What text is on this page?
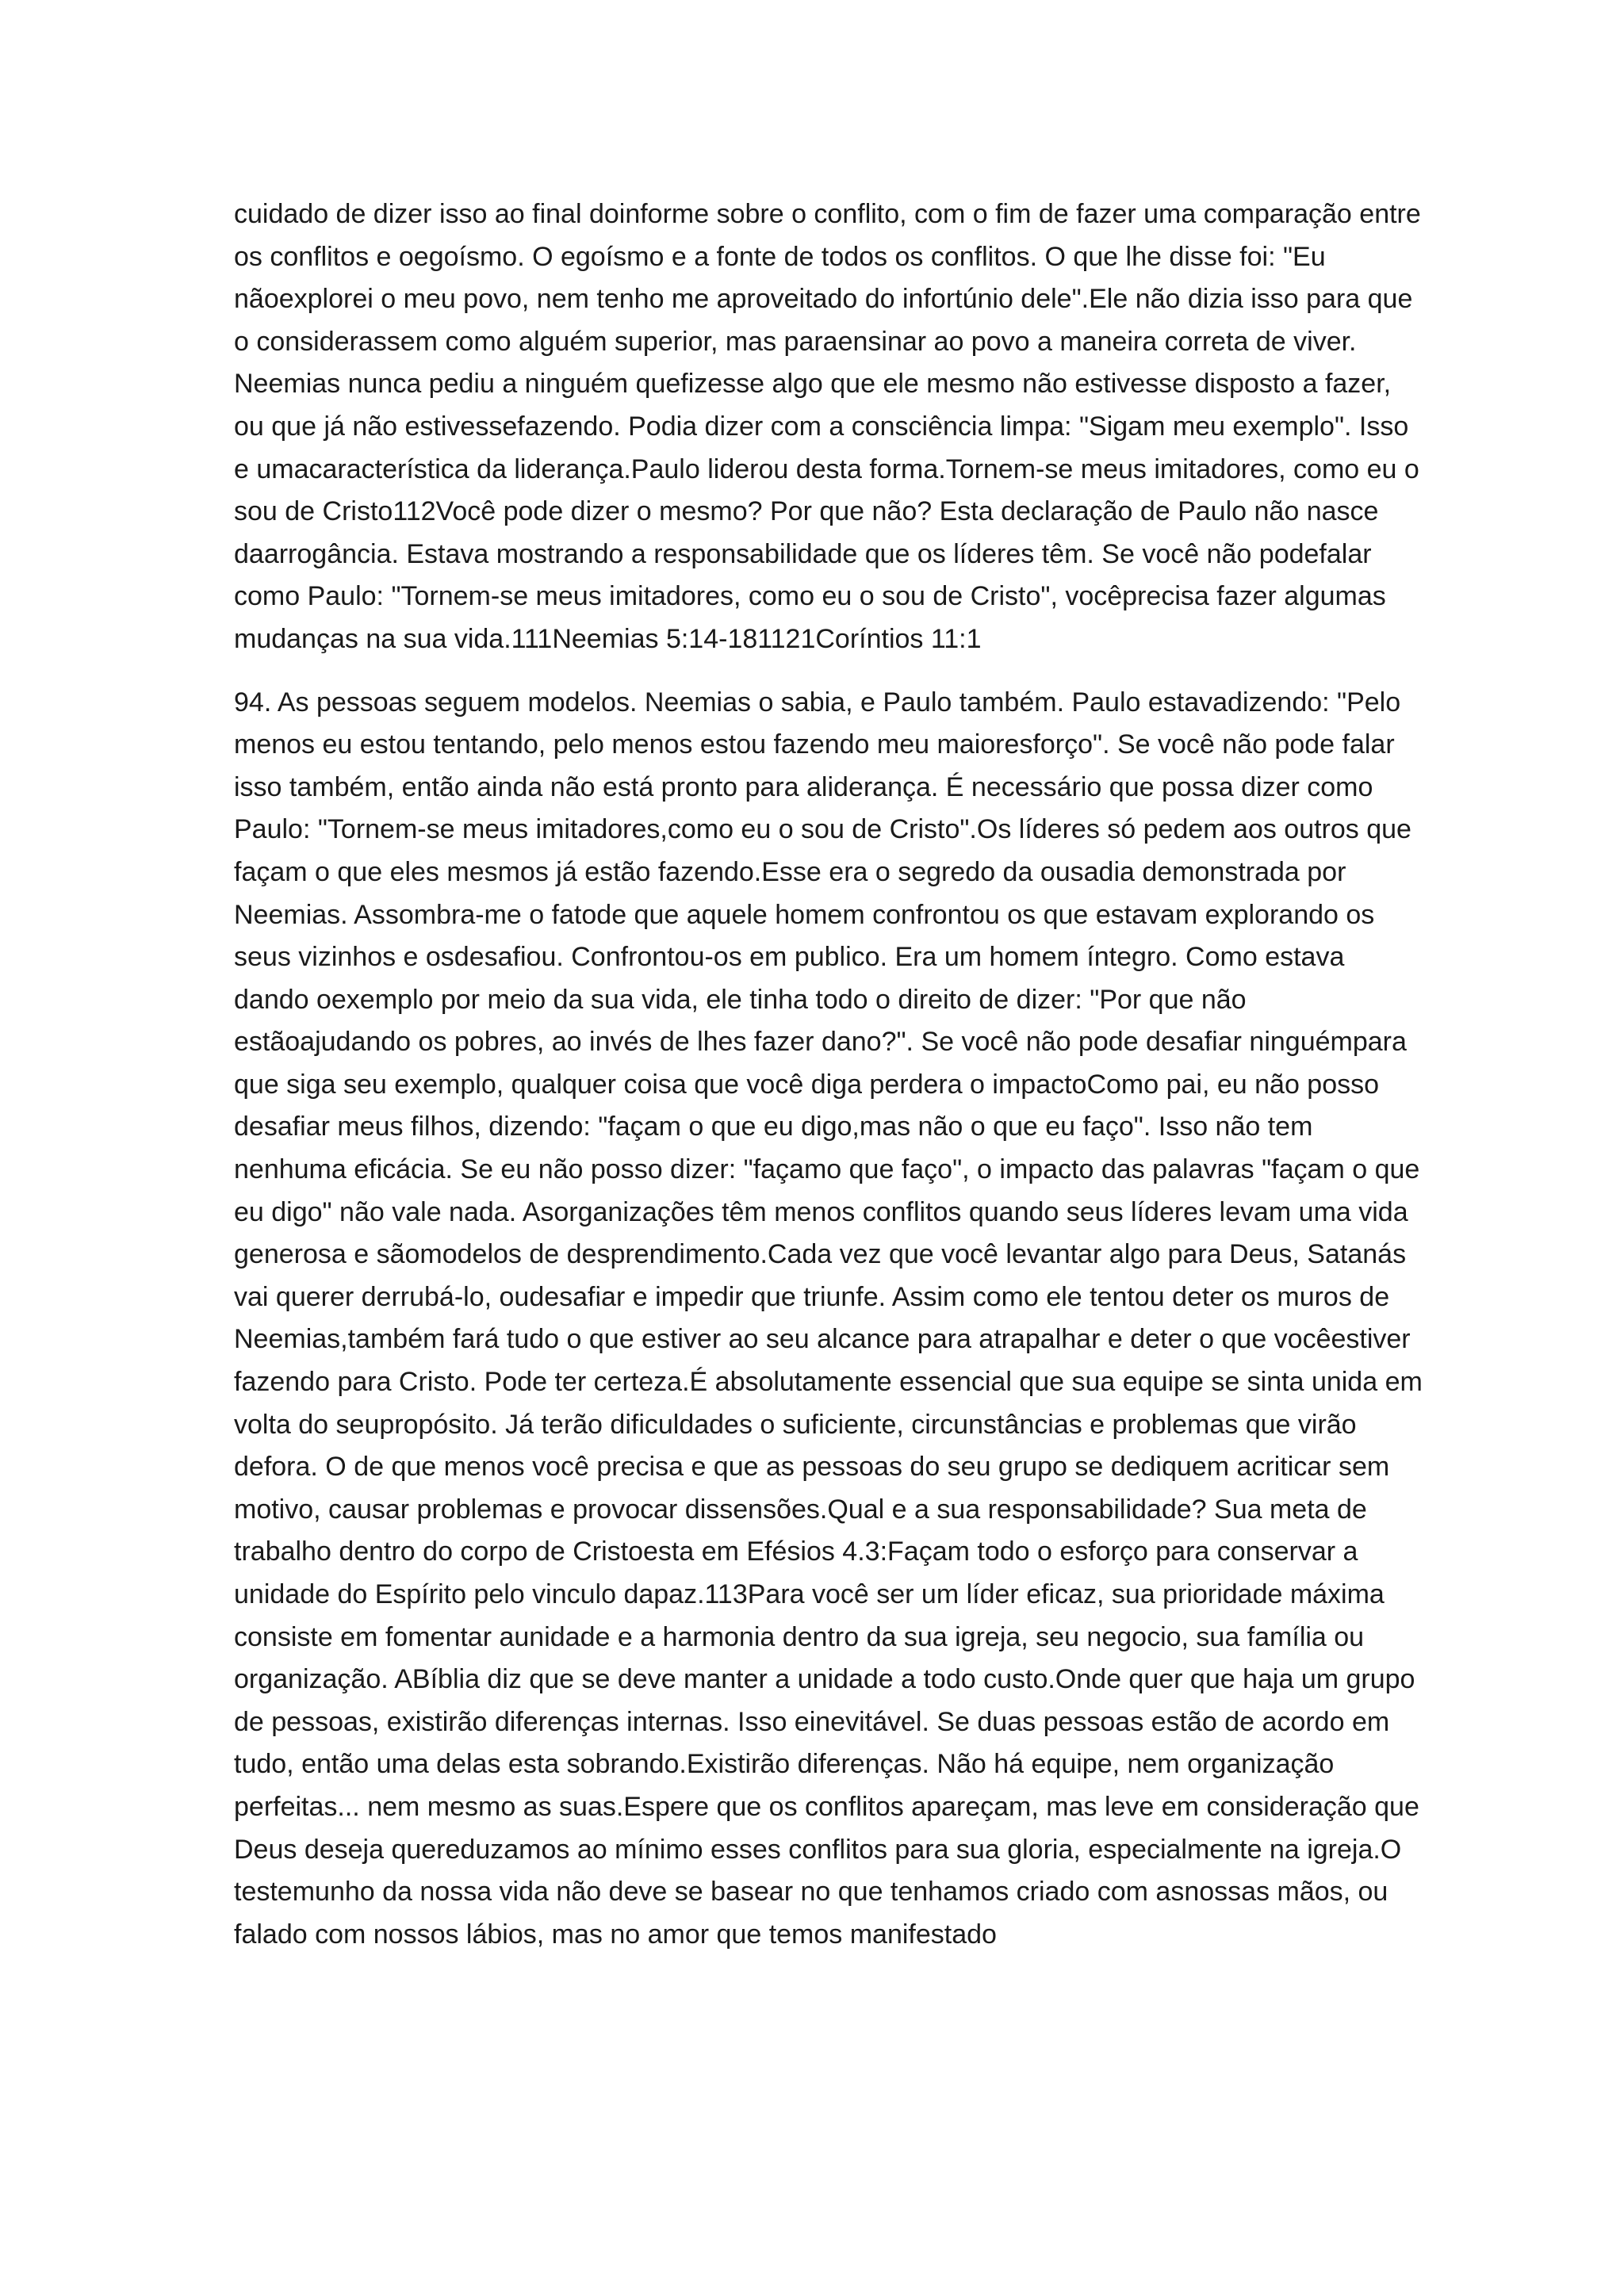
cuidado de dizer isso ao final doinforme sobre o conflito, com o fim de fazer uma comparação entre os conflitos e oegoísmo. O egoísmo e a fonte de todos os conflitos. O que lhe disse foi: "Eu nãoexplorei o meu povo, nem tenho me aproveitado do infortúnio dele".Ele não dizia isso para que o considerassem como alguém superior, mas paraensinar ao povo a maneira correta de viver. Neemias nunca pediu a ninguém quefizesse algo que ele mesmo não estivesse disposto a fazer, ou que já não estivessefazendo. Podia dizer com a consciência limpa: "Sigam meu exemplo". Isso e umacaracterística da liderança.Paulo liderou desta forma.Tornem-se meus imitadores, como eu o sou de Cristo112Você pode dizer o mesmo? Por que não? Esta declaração de Paulo não nasce daarrogância. Estava mostrando a responsabilidade que os líderes têm. Se você não podefalar como Paulo: "Tornem-se meus imitadores, como eu o sou de Cristo", vocêprecisa fazer algumas mudanças na sua vida.111Neemias 5:14-181121Coríntios 11:1

94. As pessoas seguem modelos. Neemias o sabia, e Paulo também. Paulo estavadizendo: "Pelo menos eu estou tentando, pelo menos estou fazendo meu maioresforço". Se você não pode falar isso também, então ainda não está pronto para aliderança. É necessário que possa dizer como Paulo: "Tornem-se meus imitadores,como eu o sou de Cristo".Os líderes só pedem aos outros que façam o que eles mesmos já estão fazendo.Esse era o segredo da ousadia demonstrada por Neemias. Assombra-me o fatode que aquele homem confrontou os que estavam explorando os seus vizinhos e osdesafiou. Confrontou-os em publico. Era um homem íntegro. Como estava dando oexemplo por meio da sua vida, ele tinha todo o direito de dizer: "Por que não estãoajudando os pobres, ao invés de lhes fazer dano?". Se você não pode desafiar ninguémpara que siga seu exemplo, qualquer coisa que você diga perdera o impactoComo pai, eu não posso desafiar meus filhos, dizendo: "façam o que eu digo,mas não o que eu faço". Isso não tem nenhuma eficácia. Se eu não posso dizer: "façamo que faço", o impacto das palavras "façam o que eu digo" não vale nada. Asorganizações têm menos conflitos quando seus líderes levam uma vida generosa e sãomodelos de desprendimento.Cada vez que você levantar algo para Deus, Satanás vai querer derrubá-lo, oudesafiar e impedir que triunfe. Assim como ele tentou deter os muros de Neemias,também fará tudo o que estiver ao seu alcance para atrapalhar e deter o que vocêestiver fazendo para Cristo. Pode ter certeza.É absolutamente essencial que sua equipe se sinta unida em volta do seupropósito. Já terão dificuldades o suficiente, circunstâncias e problemas que virão defora. O de que menos você precisa e que as pessoas do seu grupo se dediquem acriticar sem motivo, causar problemas e provocar dissensões.Qual e a sua responsabilidade? Sua meta de trabalho dentro do corpo de Cristoesta em Efésios 4.3:Façam todo o esforço para conservar a unidade do Espírito pelo vinculo dapaz.113Para você ser um líder eficaz, sua prioridade máxima consiste em fomentar aunidade e a harmonia dentro da sua igreja, seu negocio, sua família ou organização. ABíblia diz que se deve manter a unidade a todo custo.Onde quer que haja um grupo de pessoas, existirão diferenças internas. Isso einevitável. Se duas pessoas estão de acordo em tudo, então uma delas esta sobrando.Existirão diferenças. Não há equipe, nem organização perfeitas... nem mesmo as suas.Espere que os conflitos apareçam, mas leve em consideração que Deus deseja quereduzamos ao mínimo esses conflitos para sua gloria, especialmente na igreja.O testemunho da nossa vida não deve se basear no que tenhamos criado com asnossas mãos, ou falado com nossos lábios, mas no amor que temos manifestado
